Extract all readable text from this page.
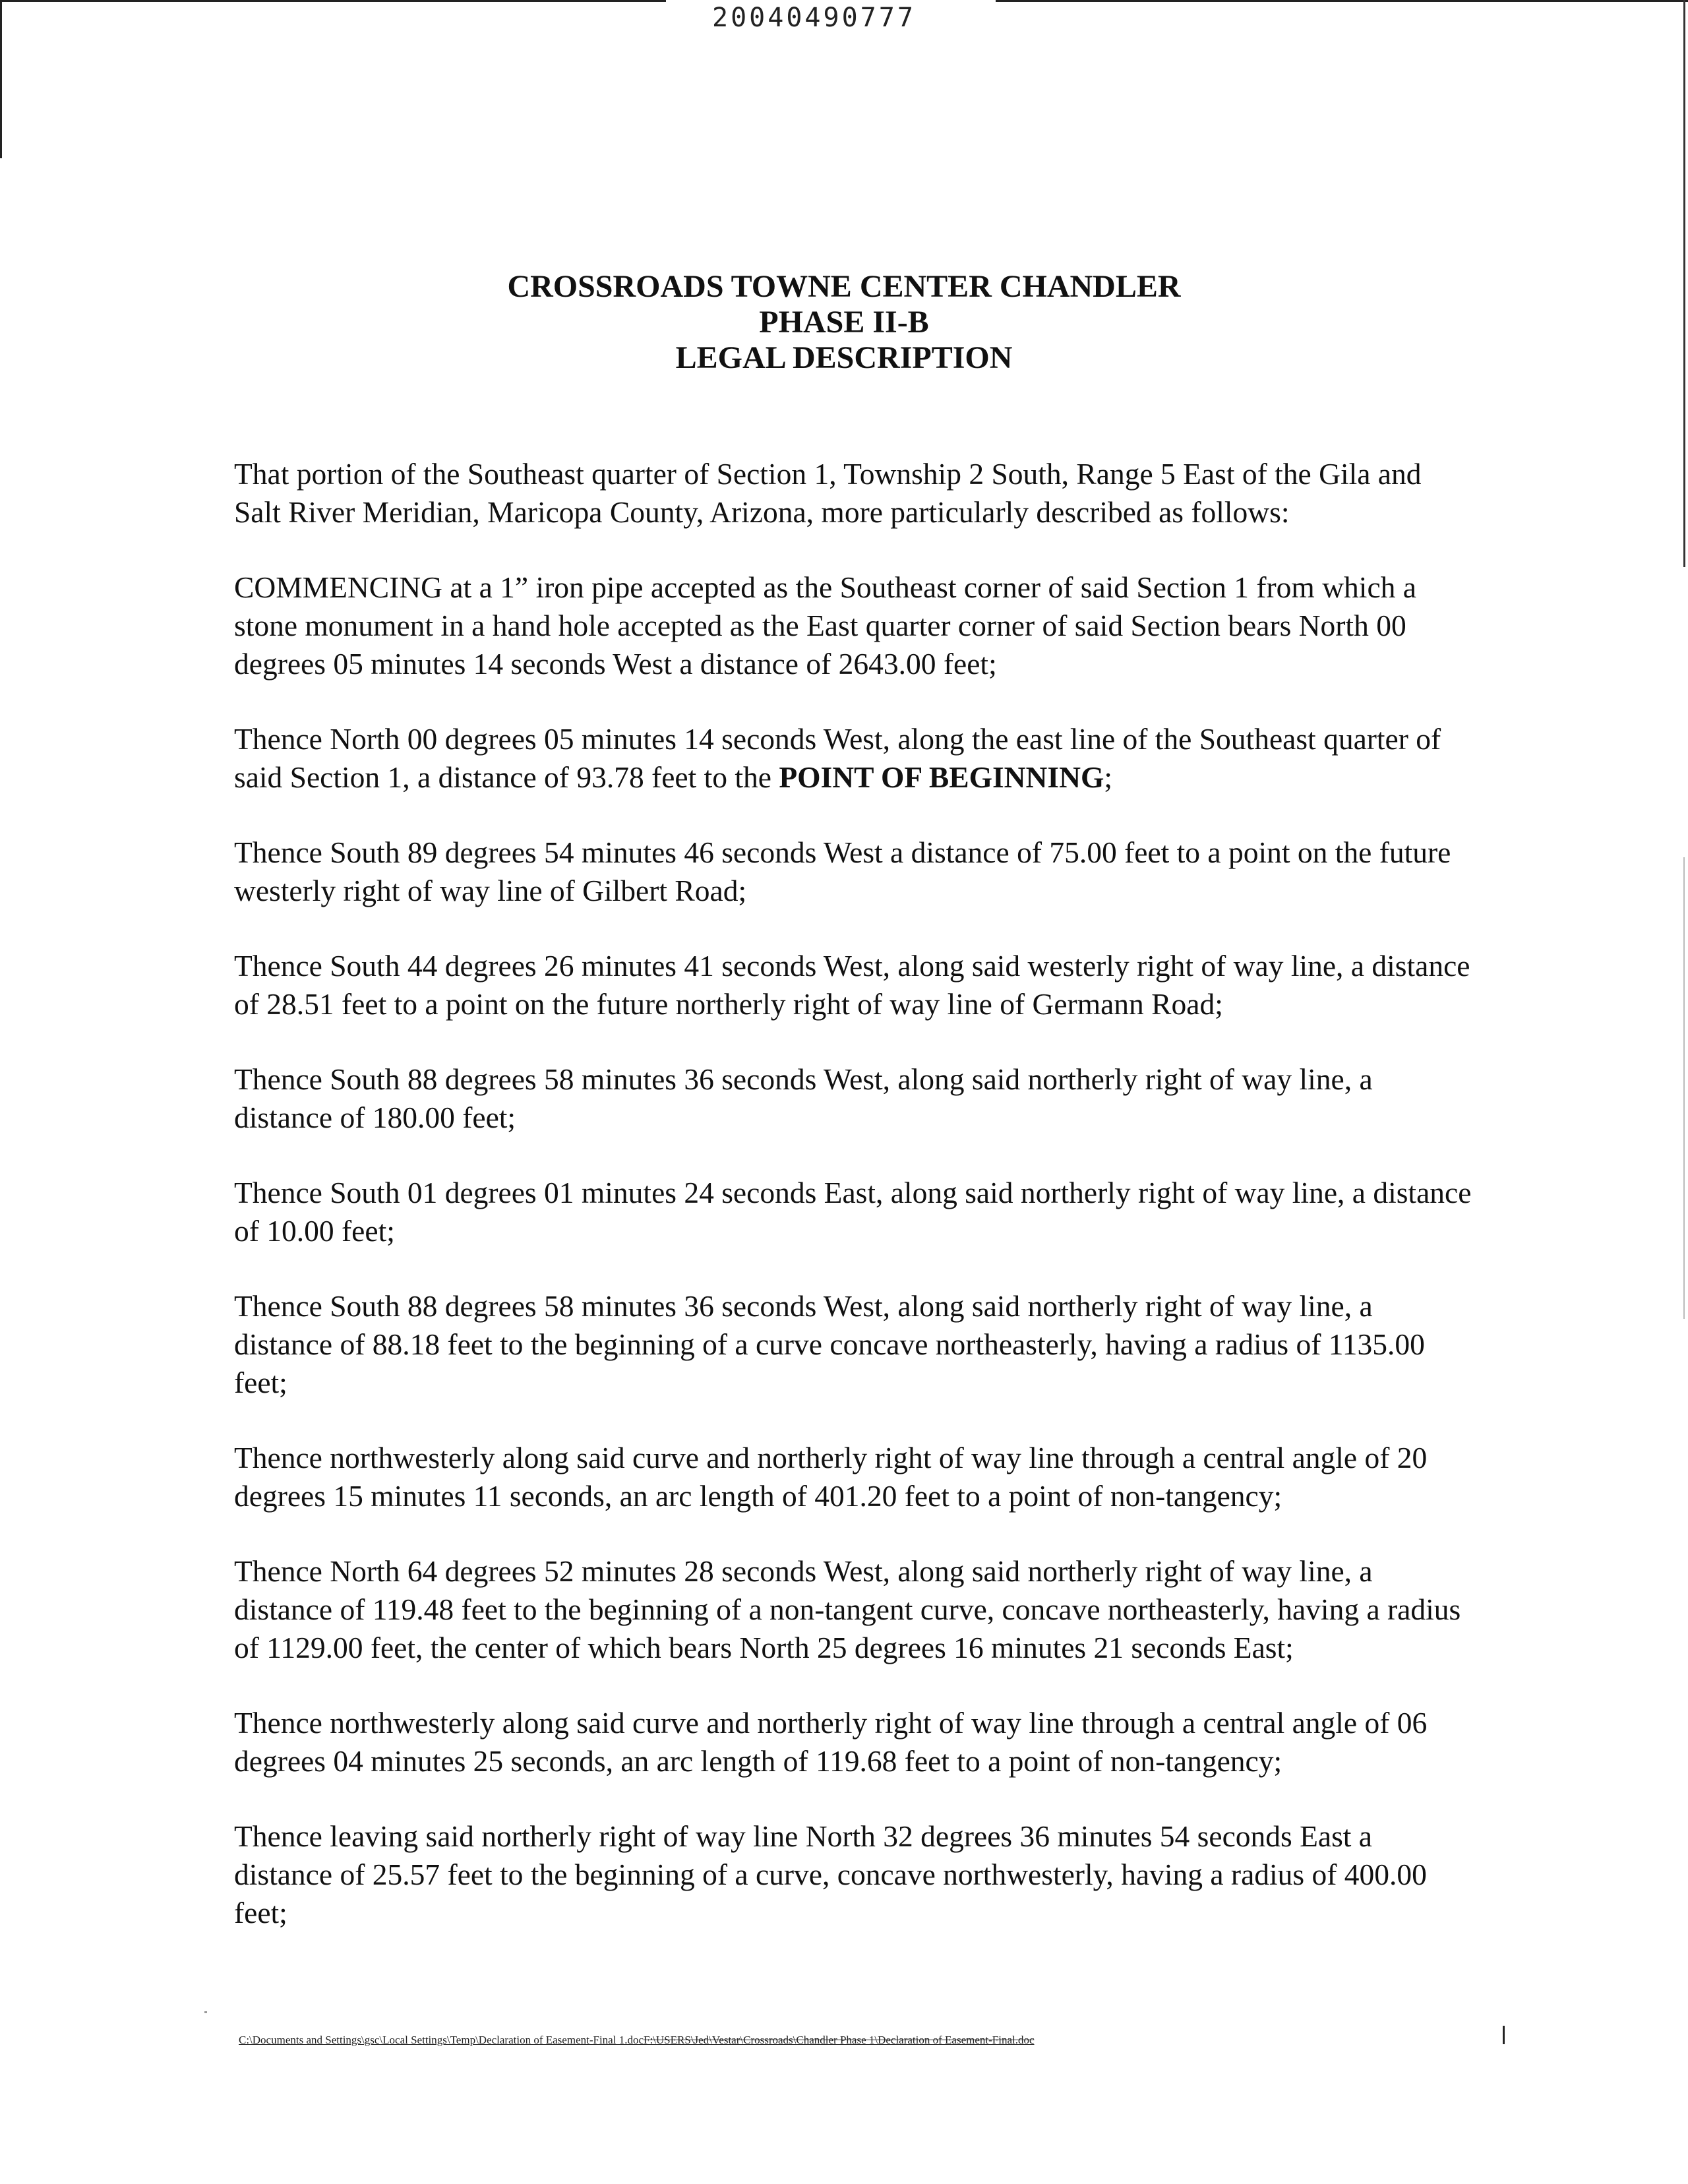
20040490777
CROSSROADS TOWNE CENTER CHANDLER
PHASE II-B
LEGAL DESCRIPTION

That portion of the Southeast quarter of Section 1, Township 2 South, Range 5 East of the Gila and Salt River Meridian, Maricopa County, Arizona, more particularly described as follows:

COMMENCING at a 1” iron pipe accepted as the Southeast corner of said Section 1 from which a stone monument in a hand hole accepted as the East quarter corner of said Section bears North 00 degrees 05 minutes 14 seconds West a distance of 2643.00 feet;

Thence North 00 degrees 05 minutes 14 seconds West, along the east line of the Southeast quarter of said Section 1, a distance of 93.78 feet to the POINT OF BEGINNING;

Thence South 89 degrees 54 minutes 46 seconds West a distance of 75.00 feet to a point on the future westerly right of way line of Gilbert Road;

Thence South 44 degrees 26 minutes 41 seconds West, along said westerly right of way line, a distance of 28.51 feet to a point on the future northerly right of way line of Germann Road;

Thence South 88 degrees 58 minutes 36 seconds West, along said northerly right of way line, a distance of 180.00 feet;

Thence South 01 degrees 01 minutes 24 seconds East, along said northerly right of way line, a distance of 10.00 feet;

Thence South 88 degrees 58 minutes 36 seconds West, along said northerly right of way line, a distance of 88.18 feet to the beginning of a curve concave northeasterly, having a radius of 1135.00 feet;

Thence northwesterly along said curve and northerly right of way line through a central angle of 20 degrees 15 minutes 11 seconds, an arc length of 401.20 feet to a point of non-tangency;

Thence North 64 degrees 52 minutes 28 seconds West, along said northerly right of way line, a distance of 119.48 feet to the beginning of a non-tangent curve, concave northeasterly, having a radius of 1129.00 feet, the center of which bears North 25 degrees 16 minutes 21 seconds East;

Thence northwesterly along said curve and northerly right of way line through a central angle of 06 degrees 04 minutes 25 seconds, an arc length of 119.68 feet to a point of non-tangency;

Thence leaving said northerly right of way line North 32 degrees 36 minutes 54 seconds East a distance of 25.57 feet to the beginning of a curve, concave northwesterly, having a radius of 400.00 feet;

C:\Documents and Settings\gsc\Local Settings\Temp\Declaration of Easement-Final 1.docF:\USERS\Jed\Vestar\Crossroads\Chandler Phase 1\Declaration of Easement-Final.doc
